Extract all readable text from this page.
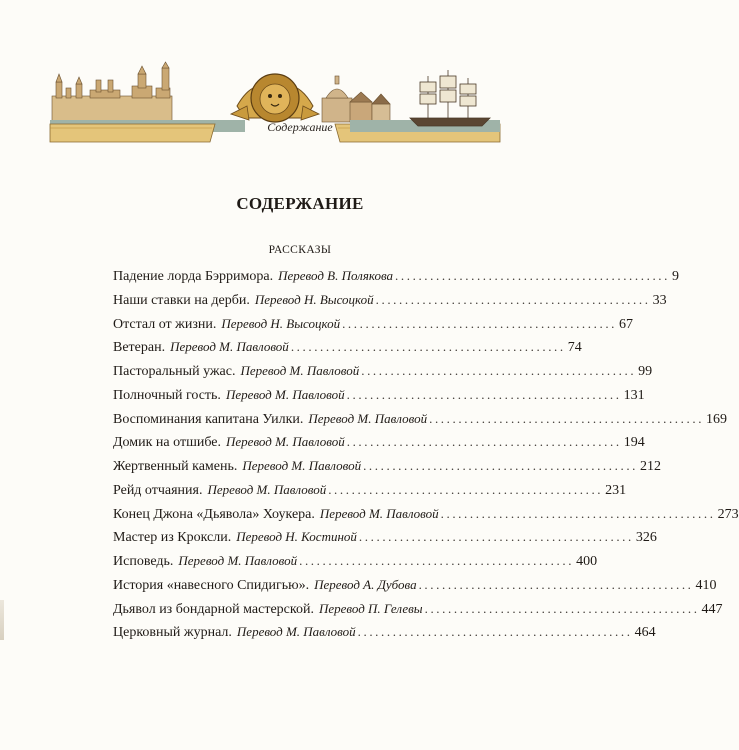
Содержание
СОДЕРЖАНИЕ
РАССКАЗЫ
Падение лорда Бэрримора. Перевод В. Полякова ............................................... 9
Наши ставки на дерби. Перевод Н. Высоцкой ............................................... 33
Отстал от жизни. Перевод Н. Высоцкой ............................................... 67
Ветеран. Перевод М. Павловой ............................................... 74
Пасторальный ужас. Перевод М. Павловой ............................................... 99
Полночный гость. Перевод М. Павловой ............................................... 131
Воспоминания капитана Уилки. Перевод М. Павловой ............................................... 169
Домик на отшибе. Перевод М. Павловой ............................................... 194
Жертвенный камень. Перевод М. Павловой ............................................... 212
Рейд отчаяния. Перевод М. Павловой ............................................... 231
Конец Джона «Дьявола» Хоукера. Перевод М. Павловой ............................................... 273
Мастер из Кроксли. Перевод Н. Костиной ............................................... 326
Исповедь. Перевод М. Павловой ............................................... 400
История «навесного Спидигью». Перевод А. Дубова ............................................... 410
Дьявол из бондарной мастерской. Перевод П. Гелевы ............................................... 447
Церковный журнал. Перевод М. Павловой ............................................... 464
